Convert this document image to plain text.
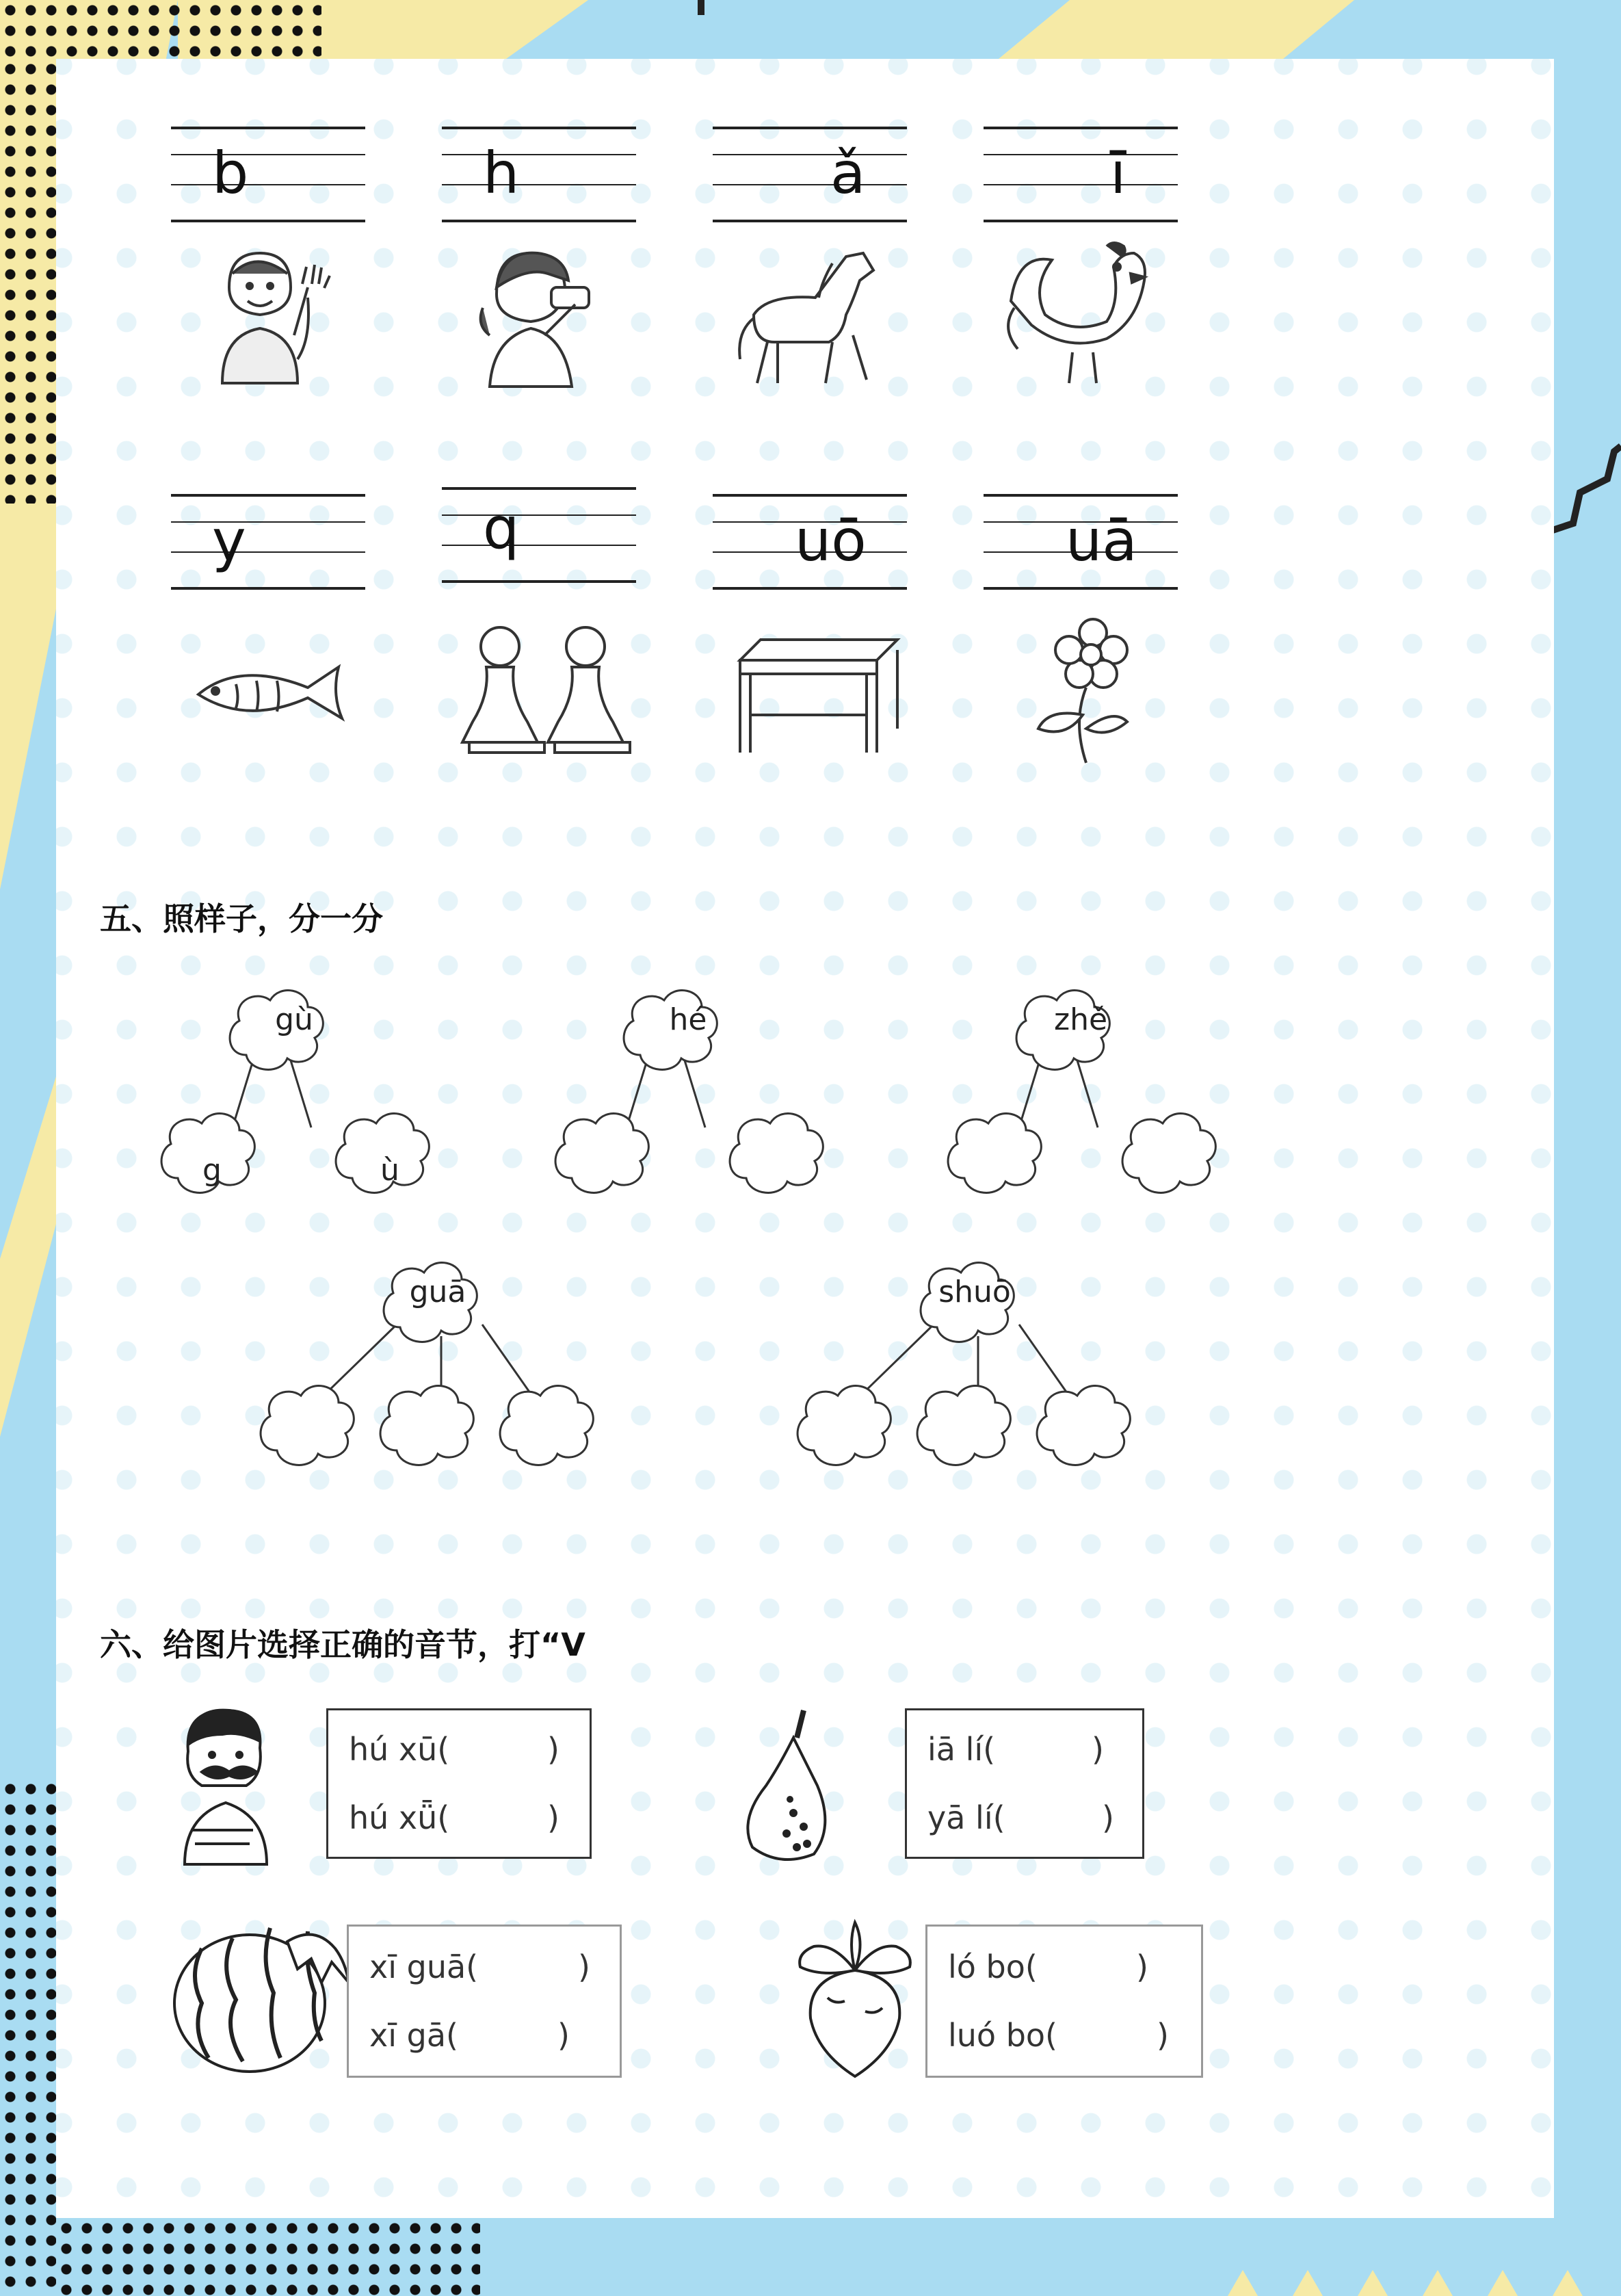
b	h	ǎ	ī
y	q	uō	uā
五、照样子，分一分
gù
g	ù
hé	zhě
guā	shuō
六、给图片选择正确的音节，打“V
hú xū(	)
hú xǖ(	)
iā lí(	)
yā lí(	)
xī guā(	)
xī gā(	)
ló bo(	)
luó bo(	)
